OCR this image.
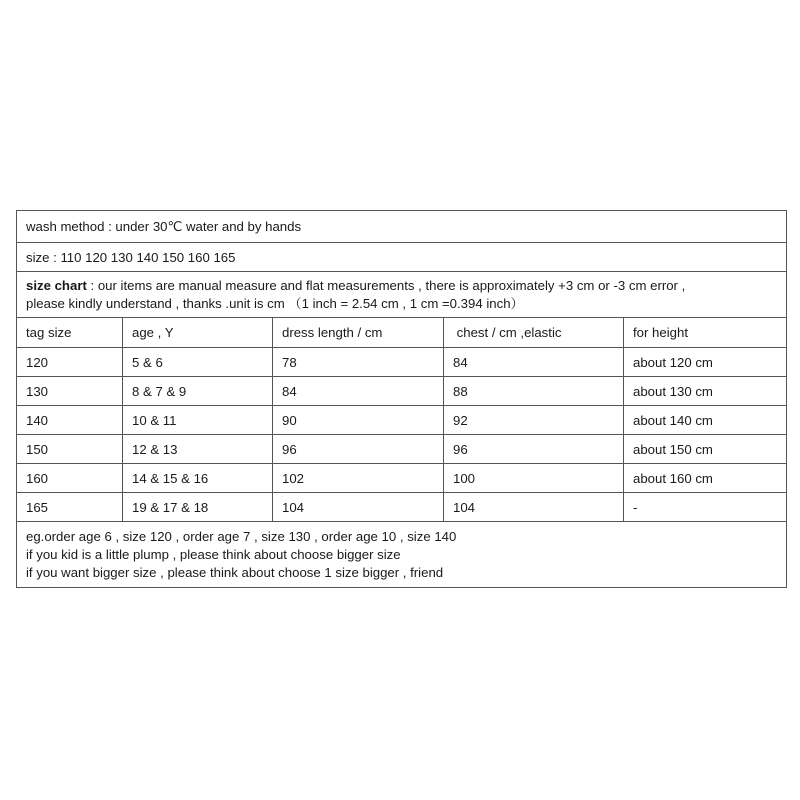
wash method : under 30℃ water and by hands				
size : 110 120 130 140 150 160 165				

size chart : our items are manual measure and flat measurements , there is approximately +3 cm or -3 cm error ,
please kindly understand , thanks .unit is cm （1 inch = 2.54 cm , 1 cm =0.394 inch）				

tag size	age , Y	dress length / cm	chest / cm ,elastic	for height
120	5 & 6	78	84	about 120 cm
130	8 & 7 & 9	84	88	about 130 cm
140	10 & 11	90	92	about 140 cm
150	12 & 13	96	96	about 150 cm
160	14 & 15 & 16	102	100	about 160 cm
165	19 & 17 & 18	104	104	-

eg.order age 6 , size 120 , order age 7 , size 130 , order age 10 , size 140
if you kid is a little plump , please think about choose bigger size
if you want bigger size , please think about choose 1 size bigger , friend				
